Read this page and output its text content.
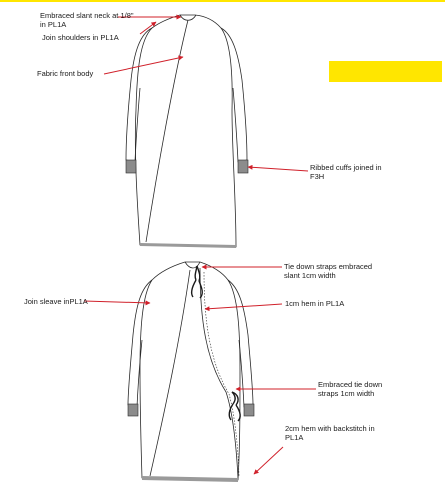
Embraced slant neck at 1/8" in PL1A
Join shoulders in PL1A
Fabric front body
Ribbed cuffs joined in F3H
Tie down straps embraced slant 1cm width
Join sleave inPL1A	1cm hem in PL1A
Embraced tie down straps 1cm width
2cm hem with backstitch in PL1A
